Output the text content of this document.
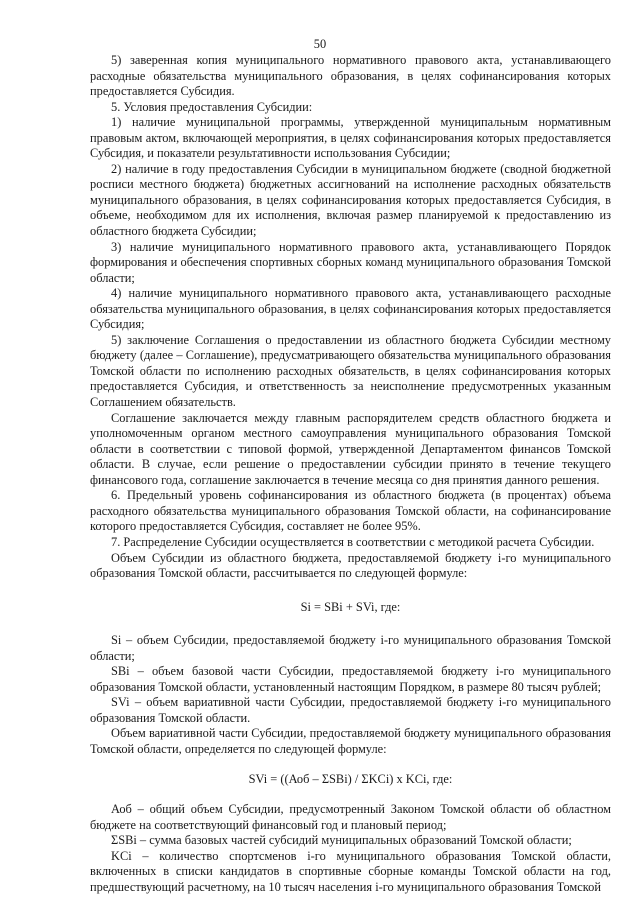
50

5) заверенная копия муниципального нормативного правового акта, устанавливающего расходные обязательства муниципального образования, в целях софинансирования которых предоставляется Субсидия.

5. Условия предоставления Субсидии:

1) наличие муниципальной программы, утвержденной муниципальным нормативным правовым актом, включающей мероприятия, в целях софинансирования которых предоставляется Субсидия, и показатели результативности использования Субсидии;

2) наличие в году предоставления Субсидии в муниципальном бюджете (сводной бюджетной росписи местного бюджета) бюджетных ассигнований на исполнение расходных обязательств муниципального образования, в целях софинансирования которых предоставляется Субсидия, в объеме, необходимом для их исполнения, включая размер планируемой к предоставлению из областного бюджета Субсидии;

3) наличие муниципального нормативного правового акта, устанавливающего Порядок формирования и обеспечения спортивных сборных команд муниципального образования Томской области;

4) наличие муниципального нормативного правового акта, устанавливающего расходные обязательства муниципального образования, в целях софинансирования которых предоставляется Субсидия;

5) заключение Соглашения о предоставлении из областного бюджета Субсидии местному бюджету (далее – Соглашение), предусматривающего обязательства муниципального образования Томской области по исполнению расходных обязательств, в целях софинансирования которых предоставляется Субсидия, и ответственность за неисполнение предусмотренных указанным Соглашением обязательств.

Соглашение заключается между главным распорядителем средств областного бюджета и уполномоченным органом местного самоуправления муниципального образования Томской области в соответствии с типовой формой, утвержденной Департаментом финансов Томской области. В случае, если решение о предоставлении субсидии принято в течение текущего финансового года, соглашение заключается в течение месяца со дня принятия данного решения.

6. Предельный уровень софинансирования из областного бюджета (в процентах) объема расходного обязательства муниципального образования Томской области, на софинансирование которого предоставляется Субсидия, составляет не более 95%.

7. Распределение Субсидии осуществляется в соответствии с методикой расчета Субсидии.

Объем Субсидии из областного бюджета, предоставляемой бюджету i-го муниципального образования Томской области, рассчитывается по следующей формуле:

Si = SBi + SVi, где:

Si – объем Субсидии, предоставляемой бюджету i-го муниципального образования Томской области;

SBi – объем базовой части Субсидии, предоставляемой бюджету i-го муниципального образования Томской области, установленный настоящим Порядком, в размере 80 тысяч рублей;

SVi – объем вариативной части Субсидии, предоставляемой бюджету i-го муниципального образования Томской области.

Объем вариативной части Субсидии, предоставляемой бюджету муниципального образования Томской области, определяется по следующей формуле:

SVi = ((Аоб – ΣSBi) / ΣKCi) x KCi, где:

Аоб – общий объем Субсидии, предусмотренный Законом Томской области об областном бюджете на соответствующий финансовый год и плановый период;

ΣSBi – сумма базовых частей субсидий муниципальных образований Томской области;

KCi – количество спортсменов i-го муниципального образования Томской области, включенных в списки кандидатов в спортивные сборные команды Томской области на год, предшествующий расчетному, на 10 тысяч населения i-го муниципального образования Томской
